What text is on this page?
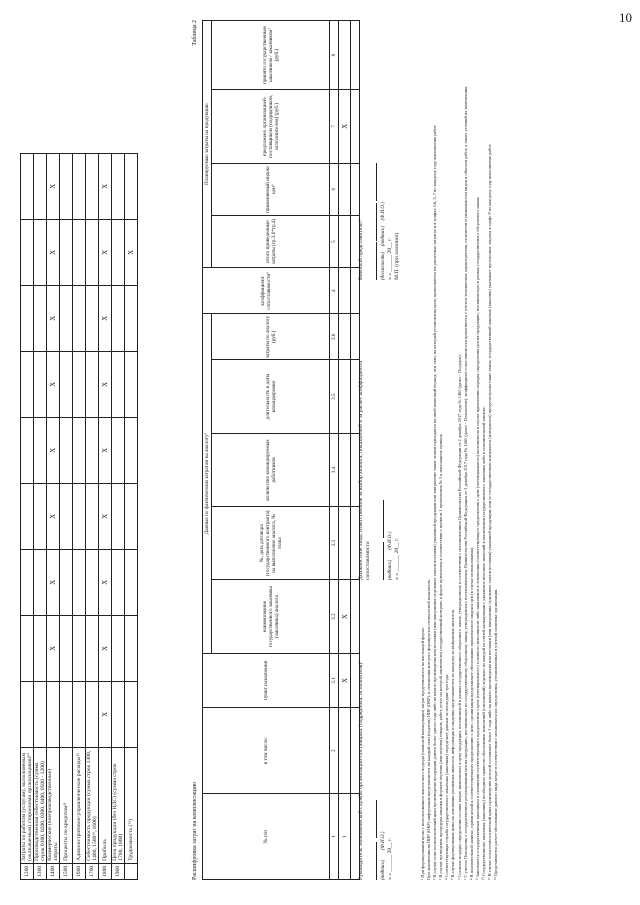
10
1200	Затраты по работам (услугам), выполняемым (оказываемым) сторонними организациями¹⁰									
1300	Производственная себестоимость (сумма строк 0100, 0200, 0300, 0400, 0500 - 1200)									
1400	Коммерческие (внепроизводственные) затраты		X	X	X	X	X	X	X	X
1500	Проценты по кредитам¹¹									
1600	Административно-управленческие расходы¹²									
1700	Себестоимость продукции (сумма строк 1300, 1400, 1500¹³, 1600)									
1800	Прибыль	X	X	X	X	X	X	X	X	X
1900	Цена продукции (без НДС) (сумма строк 1700, 1800)									
	Трудоемкость (¹⁵)								X	
Расшифровка затрат на комплектацию
Таблица 2
№ п/п	в том числе:	пункт назначения	Данные по фактическим затратам на аналогу⁵					коэффициент сопоставимости⁶	Планируемые затраты на продукцию			
			наименование государственного заказчика (заказчика) аналога	№, дата договора (государственного контракта) на выполнение аналога, № этапа	количество командируемых работников	длительность и даты командировки	затраты по аналогу (руб.)		итого приведенные затраты (гр.3.6*гр.4)	применяемый индекс цен⁶	предложено организацией-поставщиком (подрядчиком, исполнителем) (руб.)	принято государственным заказчиком / заказчиком⁷ (руб.)
1	2	3.1	3.2	3.3	3.4	3.5	3.6	4	5	6	7	8
1		X	X								X	

Руководитель экономической службы организации-поставщика (подрядчика, исполнителя)³
	(подпись)       (Ф.И.О.) « » ______ 20__ г.
Должностное лицо, ответственное за выбор аналога, показателей и за расчет коэффициента сопоставимости
	(подпись)       (Ф.И.О.) « » ______ 20__ г.
Военный представитель¹⁴
	(должность)    (подпись)    (Ф.И.О.)
« » ______ 20__ г. М.П. (при наличии)

¹ При формировании цены с использованием аналогового подхода (плановой калькуляции) затрат представляется на настоящей форме. При заполнении на НИР (ОКР) информация представляется на каждый этап (подэтап) НИР (ОКР), в отношении которого формируется стоимостной показатель. ² В случае если технологический цикл производства продукции длится более одного года либо на начало производства или поставки (или завершения отдельных этапов поставки) указанной продукции или завершение таких этапов приходится на иной плановый период, чем этап, на который установлена цена, применяются на расчетных затратах и в графах 3.6, 5, 7 по каждому году выполнения работ. ³ В случае проведения процедуры закупки в формате перечня (или перечня) товаров, работ, услуг по которой заключается государственный контракт, к форме приложены в соответствии с пунктом 1 приложения № 5 к настоящему приказу. ⁴ Соответствующая служба государственного заказчика (заказчика) определяет данные за последние три года. ⁵ В случае формирования цены на основании различных аналогов, информация и сведения представляются по каждому из выбранных аналогов. ⁶ Согласно порядку определения состава затрат, включаемых в цену продукции, поставляемой в рамках государственного оборонного заказа, утвержденному в соответствии с постановлением Правительства Российской Федерации от 2 декабря 2017 года № 1465 (далее - Порядок). ⁷ С учетом Положения о государственном регулировании цен на продукцию, поставляемую по государственному оборонному заказу, утвержденного постановлением Правительства Российской Федерации от 2 декабря 2017 года № 1465 (далее - Положение), коэффициент сопоставимости применяется с учетом технических характеристик, сложности и уникальности видов и объемов работ, а также условий их выполнения. ⁸ В пояснительной записке, прилагаемой к соответствующему предложению о цене, организация представляет обоснование применяемого индекса цен (в случае использования). ⁹ Заполняется государственным заказчиком в отношении соответствующего предложения о цене (потенциального) головного исполнителя либо заказчиком в отношении соответствующего предложения о цене (потенциального) исполнителя в случае применения порядка определения цен на продукцию, поставляемую в рамках государственного оборонного заказа. ¹⁰ Государственному заказчику (заказчику) необходимо привести обоснование изменений (отклонений) отдельно по каждой из статей калькуляции с указанием итоговых значений в заключении государственного заказчика либо в пояснительной записке. ¹¹ В случае если технологический цикл производства которой составляет более 1 года либо на начало производства или поставки (или завершения отдельных этапов поставки) указанной продукции, или ее государственным контрактом (контрактом) предусмотрены такие этапы, государственный заказчик (заказчик) указывает прогнозные затраты в графе 8 по каждому году выполнения работ. ¹² Представляется расчет-обоснование данного вида затрат в соответствии с механизмом их определения, установленным в учетной политике организации.
